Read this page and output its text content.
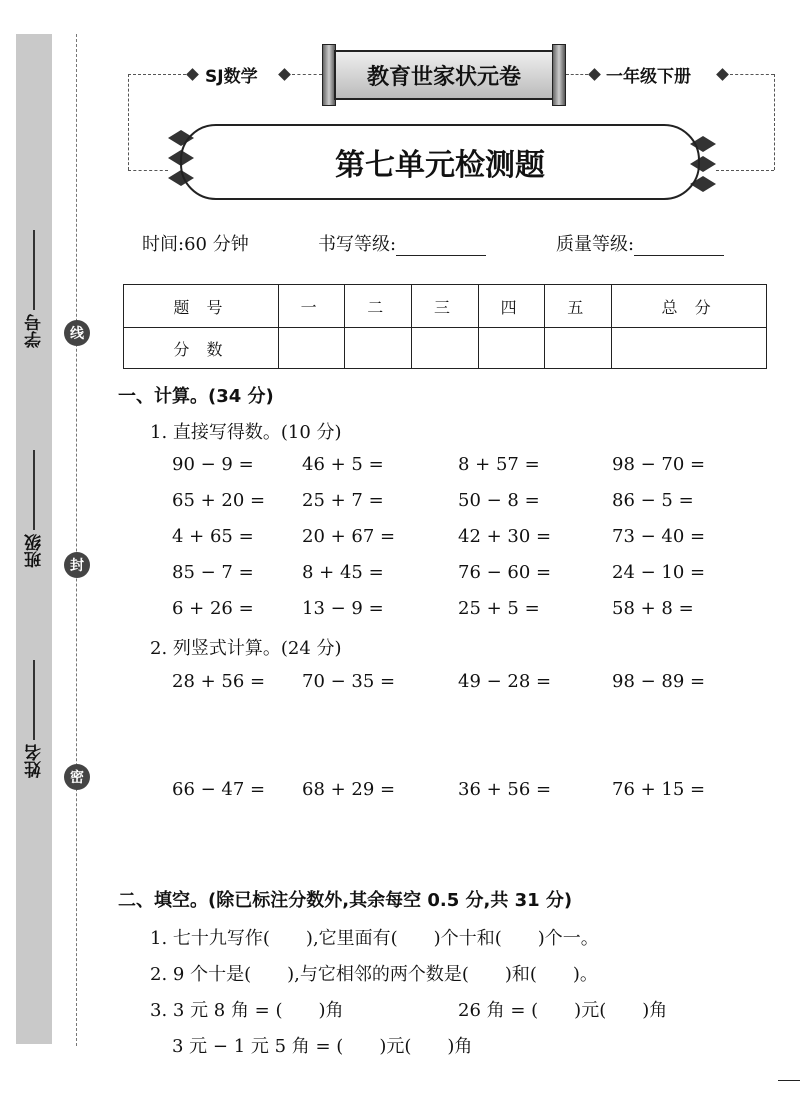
学号
班级
姓名
线
封
密
SJ数学	教育世家状元卷	一年级下册
第七单元检测题
时间:60 分钟	书写等级:	质量等级:
题 号	一	二	三	四	五	总 分
分 数						
一、计算。(34 分)
1. 直接写得数。(10 分)
90 − 9 =	46 + 5 =	8 + 57 =	98 − 70 =
65 + 20 = 25 + 7 =	50 − 8 =	86 − 5 =
4 + 65 =	20 + 67 =	42 + 30 =	73 − 40 =
85 − 7 =	8 + 45 =	76 − 60 =	24 − 10 =
6 + 26 =	13 − 9 =	25 + 5 =	58 + 8 =
2. 列竖式计算。(24 分)
28 + 56 = 70 − 35 =	49 − 28 =	98 − 89 =
66 − 47 = 68 + 29 =	36 + 56 =	76 + 15 =
二、填空。(除已标注分数外,其余每空 0.5 分,共 31 分)
1. 七十九写作(　　),它里面有(　　)个十和(　　)个一。
2. 9 个十是(　　),与它相邻的两个数是(　　)和(　　)。
3. 3 元 8 角 = (　　)角	26 角 = (　　)元(　　)角
3 元 − 1 元 5 角 = (　　)元(　　)角
